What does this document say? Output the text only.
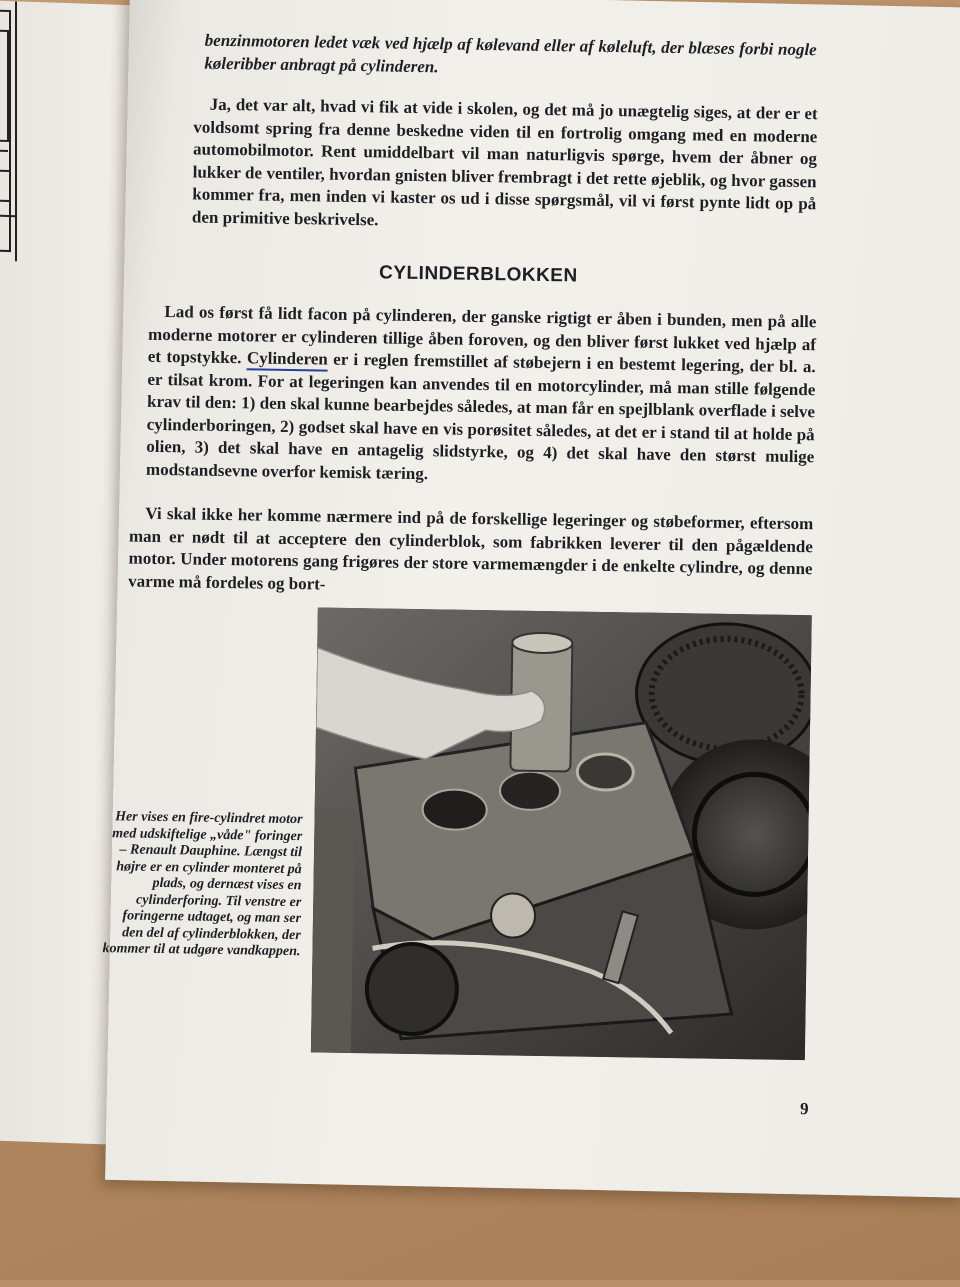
benzinmotoren ledet væk ved hjælp af kølevand eller af køleluft, der blæses forbi nogle køleribber anbragt på cylinderen.

Ja, det var alt, hvad vi fik at vide i skolen, og det må jo unægtelig siges, at der er et voldsomt spring fra denne beskedne viden til en fortrolig omgang med en moderne automobilmotor. Rent umiddelbart vil man naturligvis spørge, hvem der åbner og lukker de ventiler, hvordan gnisten bliver frembragt i det rette øjeblik, og hvor gassen kommer fra, men inden vi kaster os ud i disse spørgsmål, vil vi først pynte lidt op på den primitive beskrivelse.

CYLINDERBLOKKEN

Lad os først få lidt facon på cylinderen, der ganske rigtigt er åben i bunden, men på alle moderne motorer er cylinderen tillige åben foroven, og den bliver først lukket ved hjælp af et topstykke. Cylinderen er i reglen fremstillet af støbejern i en bestemt legering, der bl. a. er tilsat krom. For at legeringen kan anvendes til en motorcylinder, må man stille følgende krav til den: 1) den skal kunne bearbejdes således, at man får en spejlblank overflade i selve cylinderboringen, 2) godset skal have en vis porøsitet således, at det er i stand til at holde på olien, 3) det skal have en antagelig slidstyrke, og 4) det skal have den størst mulige modstandsevne overfor kemisk tæring.

Vi skal ikke her komme nærmere ind på de forskellige legeringer og støbeformer, eftersom man er nødt til at acceptere den cylinderblok, som fabrikken leverer til den pågældende motor. Under motorens gang frigøres der store varmemængder i de enkelte cylindre, og denne varme må fordeles og bort-

Her vises en fire-cylindret motor med udskiftelige „våde" foringer – Renault Dauphine. Længst til højre er en cylinder monteret på plads, og dernæst vises en cylinderforing. Til venstre er foringerne udtaget, og man ser den del af cylinderblokken, der kommer til at udgøre vandkappen.

9
